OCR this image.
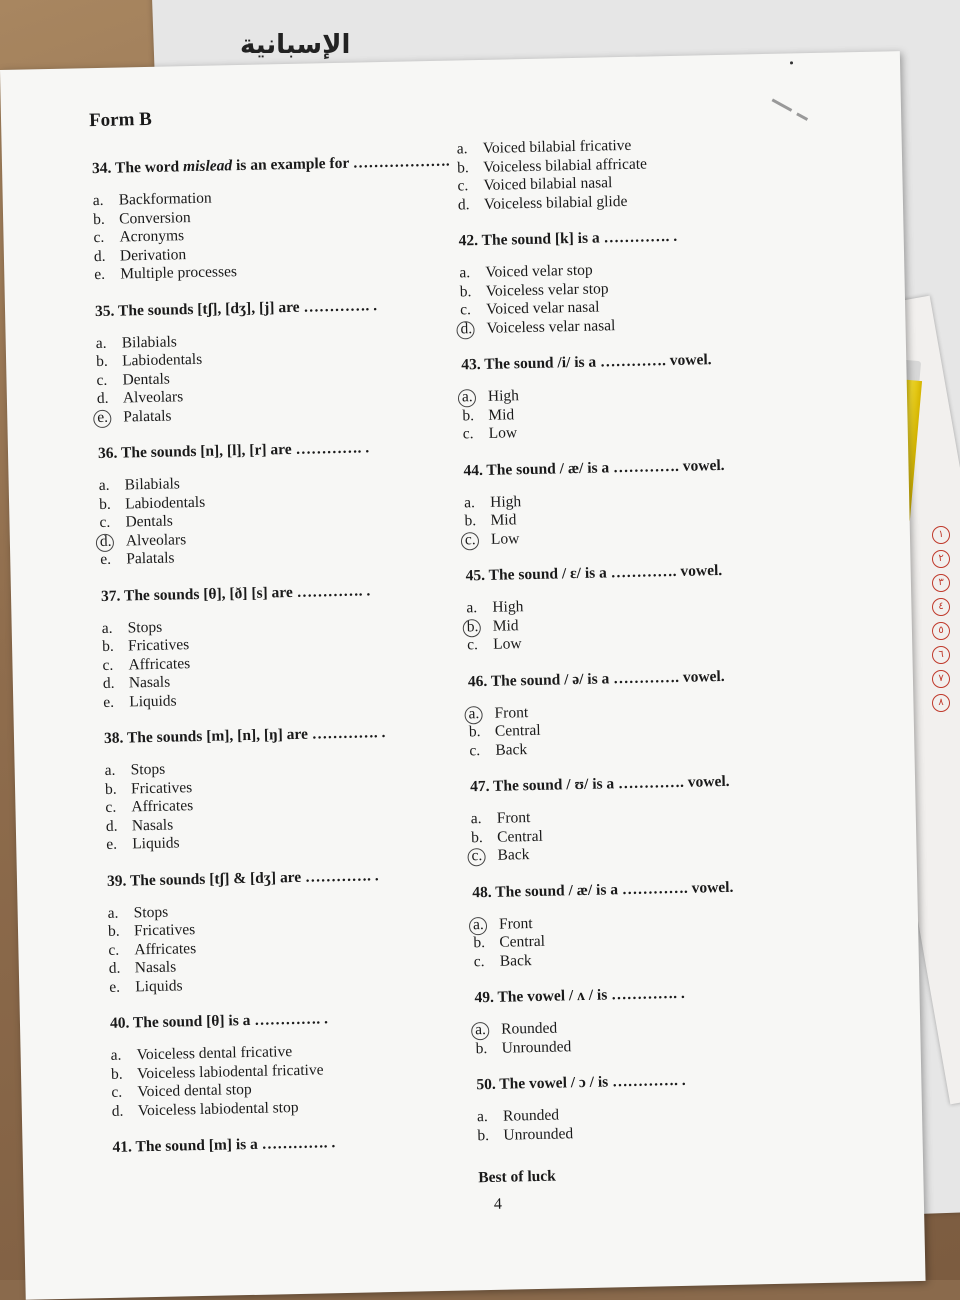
الإسبانية
١
٢
٣
٤
٥
٦
٧
٨
Form B
34. The word mislead is an example for ……………….
a. Backformation
b. Conversion
c. Acronyms
d. Derivation
e. Multiple processes
35. The sounds [tʃ], [dʒ], [j] are …………. .
a. Bilabials
b. Labiodentals
c. Dentals
d. Alveolars
e. Palatals
36. The sounds [n], [l], [r] are …………. .
a. Bilabials
b. Labiodentals
c. Dentals
d. Alveolars
e. Palatals
37. The sounds [θ], [ð] [s] are …………. .
a. Stops
b. Fricatives
c. Affricates
d. Nasals
e. Liquids
38. The sounds [m], [n], [ŋ] are …………. .
a. Stops
b. Fricatives
c. Affricates
d. Nasals
e. Liquids
39. The sounds [tʃ] & [dʒ] are …………. .
a. Stops
b. Fricatives
c. Affricates
d. Nasals
e. Liquids
40. The sound [θ] is a …………. .
a. Voiceless dental fricative
b. Voiceless labiodental fricative
c. Voiced dental stop
d. Voiceless labiodental stop
41. The sound [m] is a …………. .
a. Voiced bilabial fricative
b. Voiceless bilabial affricate
c. Voiced bilabial nasal
d. Voiceless bilabial glide
42. The sound [k] is a …………. .
a. Voiced velar stop
b. Voiceless velar stop
c. Voiced velar nasal
d. Voiceless velar nasal
43. The sound /i/ is a …………. vowel.
a. High
b. Mid
c. Low
44. The sound / æ/ is a …………. vowel.
a. High
b. Mid
c. Low
45. The sound / ɛ/ is a …………. vowel.
a. High
b. Mid
c. Low
46. The sound / ə/ is a …………. vowel.
a. Front
b. Central
c. Back
47. The sound / ʊ/ is a …………. vowel.
a. Front
b. Central
c. Back
48. The sound / æ/ is a …………. vowel.
a. Front
b. Central
c. Back
49. The vowel / ʌ / is …………. .
a. Rounded
b. Unrounded
50. The vowel / ɔ / is …………. .
a. Rounded
b. Unrounded
Best of luck
4
